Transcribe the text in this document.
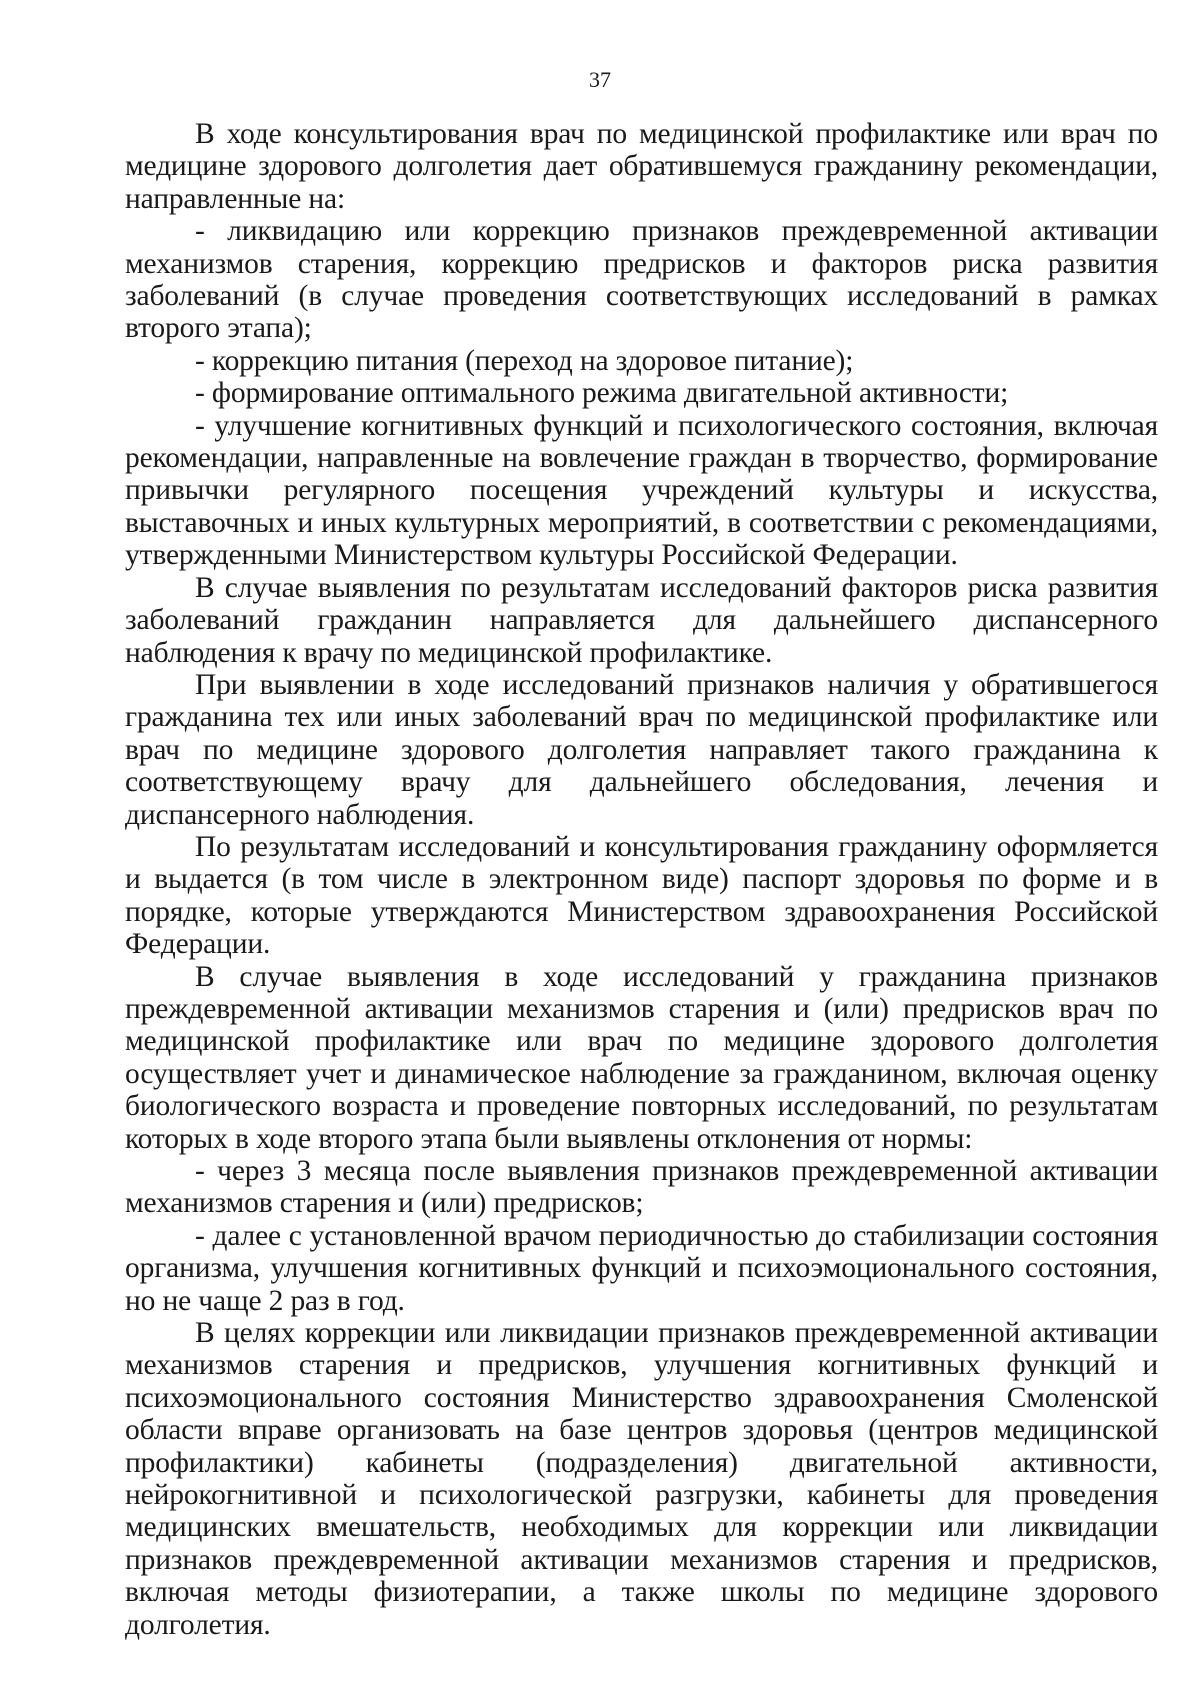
37

В ходе консультирования врач по медицинской профилактике или врач по медицине здорового долголетия дает обратившемуся гражданину рекомендации, направленные на:

- ликвидацию или коррекцию признаков преждевременной активации механизмов старения, коррекцию предрисков и факторов риска развития заболеваний (в случае проведения соответствующих исследований в рамках второго этапа);

- коррекцию питания (переход на здоровое питание);

- формирование оптимального режима двигательной активности;

- улучшение когнитивных функций и психологического состояния, включая рекомендации, направленные на вовлечение граждан в творчество, формирование привычки регулярного посещения учреждений культуры и искусства, выставочных и иных культурных мероприятий, в соответствии с рекомендациями, утвержденными Министерством культуры Российской Федерации.

В случае выявления по результатам исследований факторов риска развития заболеваний гражданин направляется для дальнейшего диспансерного наблюдения к врачу по медицинской профилактике.

При выявлении в ходе исследований признаков наличия у обратившегося гражданина тех или иных заболеваний врач по медицинской профилактике или врач по медицине здорового долголетия направляет такого гражданина к соответствующему врачу для дальнейшего обследования, лечения и диспансерного наблюдения.

По результатам исследований и консультирования гражданину оформляется и выдается (в том числе в электронном виде) паспорт здоровья по форме и в порядке, которые утверждаются Министерством здравоохранения Российской Федерации.

В случае выявления в ходе исследований у гражданина признаков преждевременной активации механизмов старения и (или) предрисков врач по медицинской профилактике или врач по медицине здорового долголетия осуществляет учет и динамическое наблюдение за гражданином, включая оценку биологического возраста и проведение повторных исследований, по результатам которых в ходе второго этапа были выявлены отклонения от нормы:

- через 3 месяца после выявления признаков преждевременной активации механизмов старения и (или) предрисков;

- далее с установленной врачом периодичностью до стабилизации состояния организма, улучшения когнитивных функций и психоэмоционального состояния, но не чаще 2 раз в год.

В целях коррекции или ликвидации признаков преждевременной активации механизмов старения и предрисков, улучшения когнитивных функций и психоэмоционального состояния Министерство здравоохранения Смоленской области вправе организовать на базе центров здоровья (центров медицинской профилактики) кабинеты (подразделения) двигательной активности, нейрокогнитивной и психологической разгрузки, кабинеты для проведения медицинских вмешательств, необходимых для коррекции или ликвидации признаков преждевременной активации механизмов старения и предрисков, включая методы физиотерапии, а также школы по медицине здорового долголетия.
